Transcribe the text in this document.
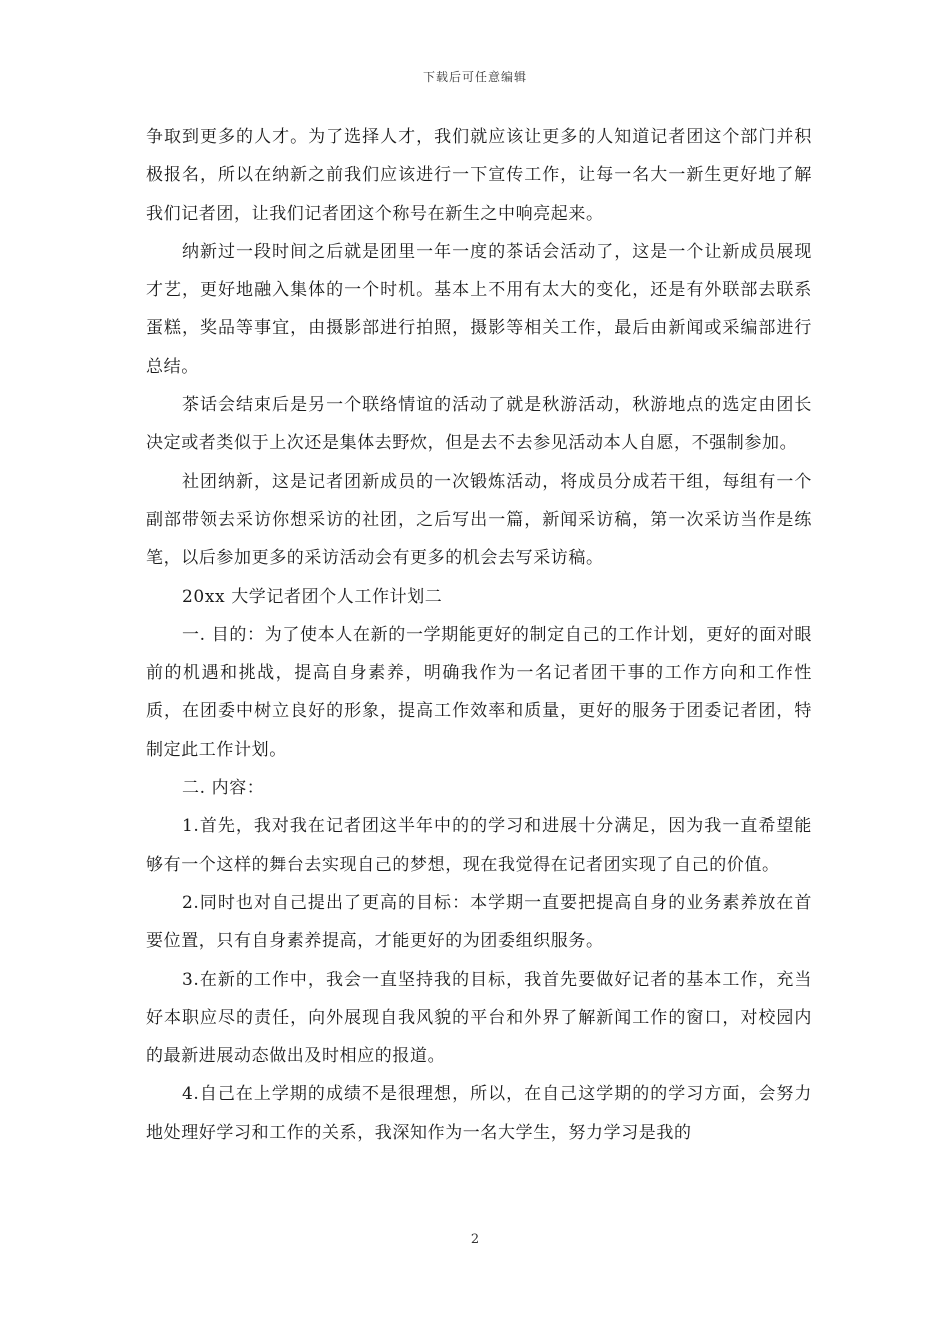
下载后可任意编辑

争取到更多的人才。为了选择人才，我们就应该让更多的人知道记者团这个部门并积极报名，所以在纳新之前我们应该进行一下宣传工作，让每一名大一新生更好地了解我们记者团，让我们记者团这个称号在新生之中响亮起来。

纳新过一段时间之后就是团里一年一度的茶话会活动了，这是一个让新成员展现才艺，更好地融入集体的一个时机。基本上不用有太大的变化，还是有外联部去联系蛋糕，奖品等事宜，由摄影部进行拍照，摄影等相关工作，最后由新闻或采编部进行总结。

茶话会结束后是另一个联络情谊的活动了就是秋游活动，秋游地点的选定由团长决定或者类似于上次还是集体去野炊，但是去不去参见活动本人自愿，不强制参加。

社团纳新，这是记者团新成员的一次锻炼活动，将成员分成若干组，每组有一个副部带领去采访你想采访的社团，之后写出一篇，新闻采访稿，第一次采访当作是练笔，以后参加更多的采访活动会有更多的机会去写采访稿。

20xx 大学记者团个人工作计划二

一. 目的：为了使本人在新的一学期能更好的制定自己的工作计划，更好的面对眼前的机遇和挑战，提高自身素养，明确我作为一名记者团干事的工作方向和工作性质，在团委中树立良好的形象，提高工作效率和质量，更好的服务于团委记者团，特制定此工作计划。

二. 内容：

1.首先，我对我在记者团这半年中的的学习和进展十分满足，因为我一直希望能够有一个这样的舞台去实现自己的梦想，现在我觉得在记者团实现了自己的价值。

2.同时也对自己提出了更高的目标：本学期一直要把提高自身的业务素养放在首要位置，只有自身素养提高，才能更好的为团委组织服务。

3.在新的工作中，我会一直坚持我的目标，我首先要做好记者的基本工作，充当好本职应尽的责任，向外展现自我风貌的平台和外界了解新闻工作的窗口，对校园内的最新进展动态做出及时相应的报道。

4.自己在上学期的成绩不是很理想，所以，在自己这学期的的学习方面，会努力地处理好学习和工作的关系，我深知作为一名大学生，努力学习是我的

2
